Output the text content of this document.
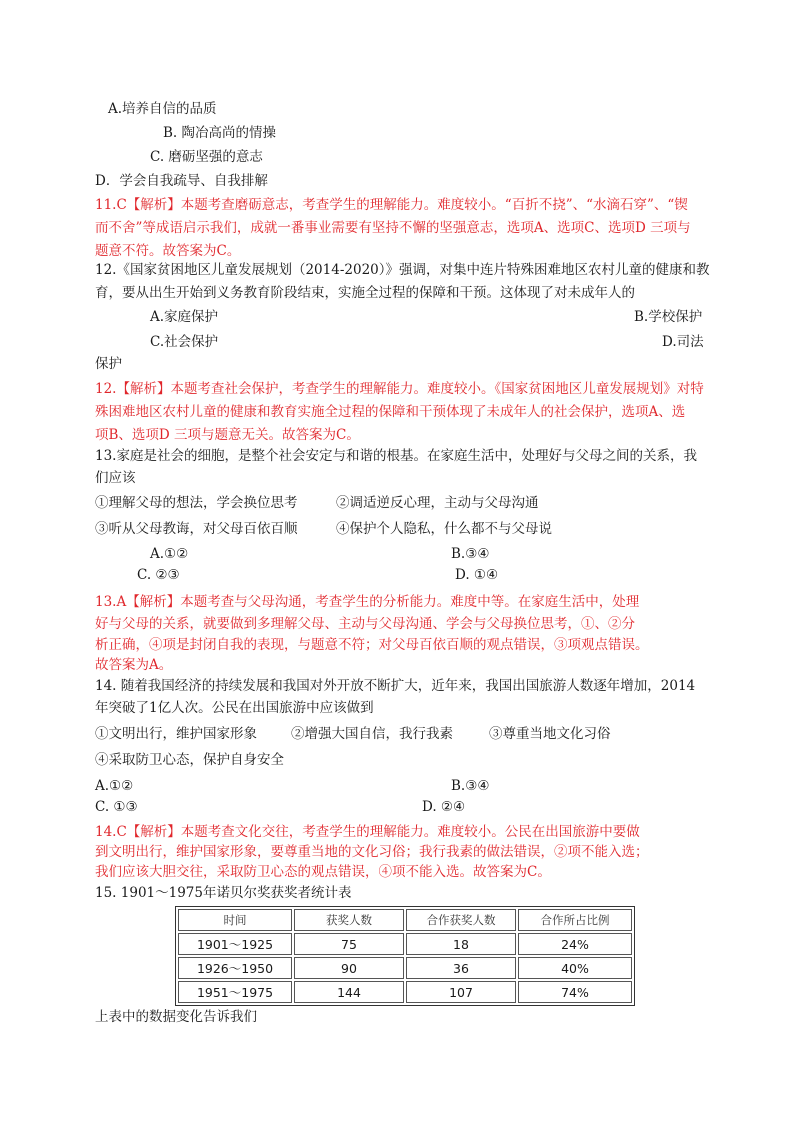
A.培养自信的品质
B. 陶冶高尚的情操
C. 磨砺坚强的意志
D．学会自我疏导、自我排解
11.C【解析】本题考查磨砺意志，考查学生的理解能力。难度较小。“百折不挠”、“水滴石穿”、“锲
而不舍”等成语启示我们，成就一番事业需要有坚持不懈的坚强意志，选项A、选项C、选项D 三项与
题意不符。故答案为C。
12.《国家贫困地区儿童发展规划（2014-2020）》强调，对集中连片特殊困难地区农村儿童的健康和教
育，要从出生开始到义务教育阶段结束，实施全过程的保障和干预。这体现了对未成年人的
A.家庭保护	B.学校保护
C.社会保护	D.司法
保护
12.【解析】本题考查社会保护，考查学生的理解能力。难度较小。《国家贫困地区儿童发展规划》对特
殊困难地区农村儿童的健康和教育实施全过程的保障和干预体现了未成年人的社会保护，选项A、选
项B、选项D 三项与题意无关。故答案为C。
13.家庭是社会的细胞，是整个社会安定与和谐的根基。在家庭生活中，处理好与父母之间的关系，我
们应该
①理解父母的想法，学会换位思考	②调适逆反心理，主动与父母沟通
③听从父母教诲，对父母百依百顺	④保护个人隐私，什么都不与父母说
A.①②	B.③④
C. ②③	D. ①④
13.A【解析】本题考查与父母沟通，考查学生的分析能力。难度中等。在家庭生活中，处理
好与父母的关系，就要做到多理解父母、主动与父母沟通、学会与父母换位思考，①、②分
析正确，④项是封闭自我的表现，与题意不符；对父母百依百顺的观点错误，③项观点错误。
故答案为A。
14. 随着我国经济的持续发展和我国对外开放不断扩大，近年来，我国出国旅游人数逐年增加，2014
年突破了1亿人次。公民在出国旅游中应该做到
①文明出行，维护国家形象	②增强大国自信，我行我素	③尊重当地文化习俗
④采取防卫心态，保护自身安全
A.①②	B.③④
C. ①③	D. ②④
14.C【解析】本题考查文化交往，考查学生的理解能力。难度较小。公民在出国旅游中要做
到文明出行，维护国家形象，要尊重当地的文化习俗；我行我素的做法错误，②项不能入选；
我们应该大胆交往，采取防卫心态的观点错误，④项不能入选。故答案为C。
15. 1901～1975年诺贝尔奖获奖者统计表
时间	获奖人数	合作获奖人数	合作所占比例
1901～1925	75	18	24%
1926～1950	90	36	40%
1951～1975	144	107	74%
上表中的数据变化告诉我们
